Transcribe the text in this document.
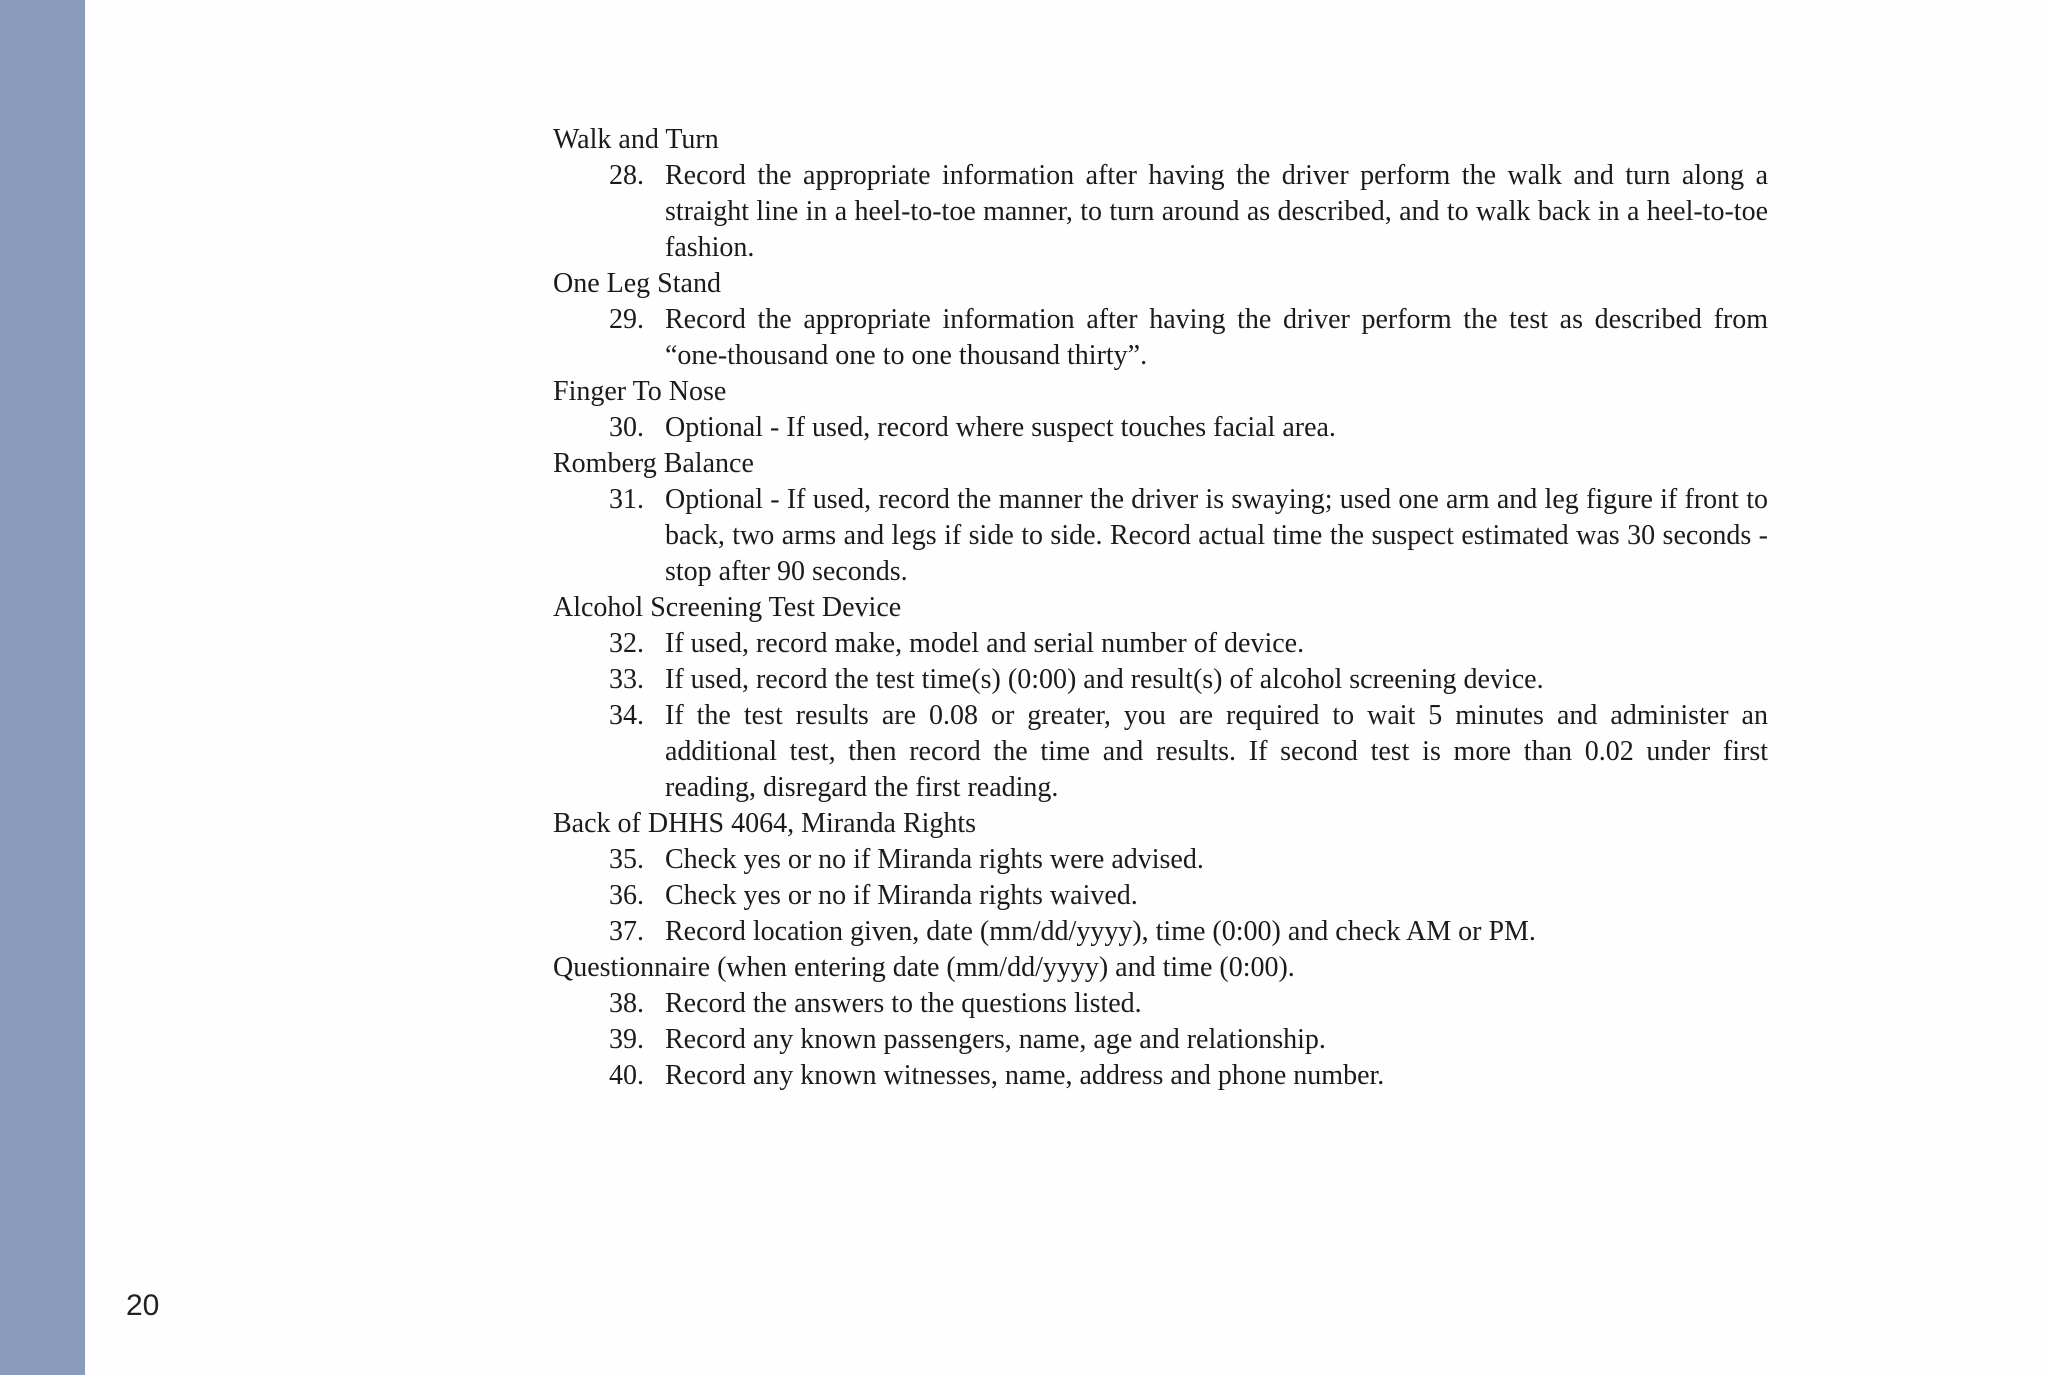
Walk and Turn
28. Record the appropriate information after having the driver perform the walk and turn along a straight line in a heel-to-toe manner, to turn around as described, and to walk back in a heel-to-toe fashion.
One Leg Stand
29. Record the appropriate information after having the driver perform the test as described from “one-thousand one to one thousand thirty”.
Finger To Nose
30. Optional - If used, record where suspect touches facial area.
Romberg Balance
31. Optional - If used, record the manner the driver is swaying; used one arm and leg figure if front to back, two arms and legs if side to side. Record actual time the suspect estimated was 30 seconds - stop after 90 seconds.
Alcohol Screening Test Device
32. If used, record make, model and serial number of device.
33. If used, record the test time(s) (0:00) and result(s) of alcohol screening device.
34. If the test results are 0.08 or greater, you are required to wait 5 minutes and administer an additional test, then record the time and results. If second test is more than 0.02 under first reading, disregard the first reading.
Back of DHHS 4064, Miranda Rights
35. Check yes or no if Miranda rights were advised.
36. Check yes or no if Miranda rights waived.
37. Record location given, date (mm/dd/yyyy), time (0:00) and check AM or PM.
Questionnaire (when entering date (mm/dd/yyyy) and time (0:00).
38. Record the answers to the questions listed.
39. Record any known passengers, name, age and relationship.
40. Record any known witnesses, name, address and phone number.
20
